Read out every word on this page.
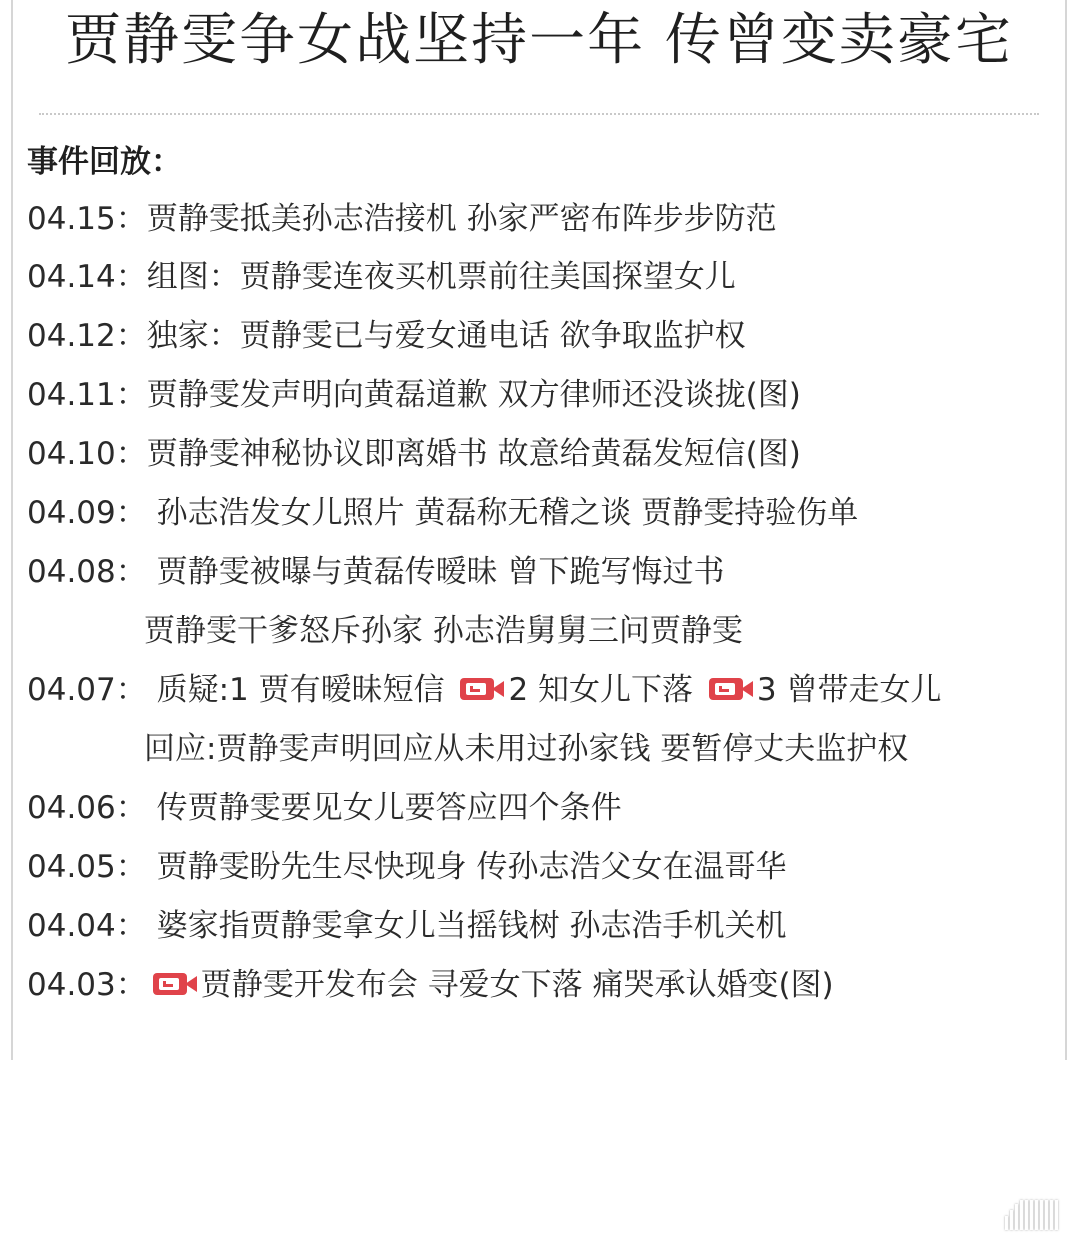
贾静雯争女战坚持一年 传曾变卖豪宅
事件回放：
04.15：贾静雯抵美孙志浩接机 孙家严密布阵步步防范
04.14：组图：贾静雯连夜买机票前往美国探望女儿
04.12：独家：贾静雯已与爱女通电话 欲争取监护权
04.11：贾静雯发声明向黄磊道歉 双方律师还没谈拢(图)
04.10：贾静雯神秘协议即离婚书 故意给黄磊发短信(图)
04.09： 孙志浩发女儿照片 黄磊称无稽之谈 贾静雯持验伤单
04.08： 贾静雯被曝与黄磊传暧昧 曾下跪写悔过书
贾静雯干爹怒斥孙家 孙志浩舅舅三问贾静雯
04.07： 质疑:1 贾有暧昧短信
2 知女儿下落
3 曾带走女儿
回应:贾静雯声明回应从未用过孙家钱 要暂停丈夫监护权
04.06： 传贾静雯要见女儿要答应四个条件
04.05： 贾静雯盼先生尽快现身 传孙志浩父女在温哥华
04.04： 婆家指贾静雯拿女儿当摇钱树 孙志浩手机关机
04.03： 贾静雯开发布会 寻爱女下落 痛哭承认婚变(图)
